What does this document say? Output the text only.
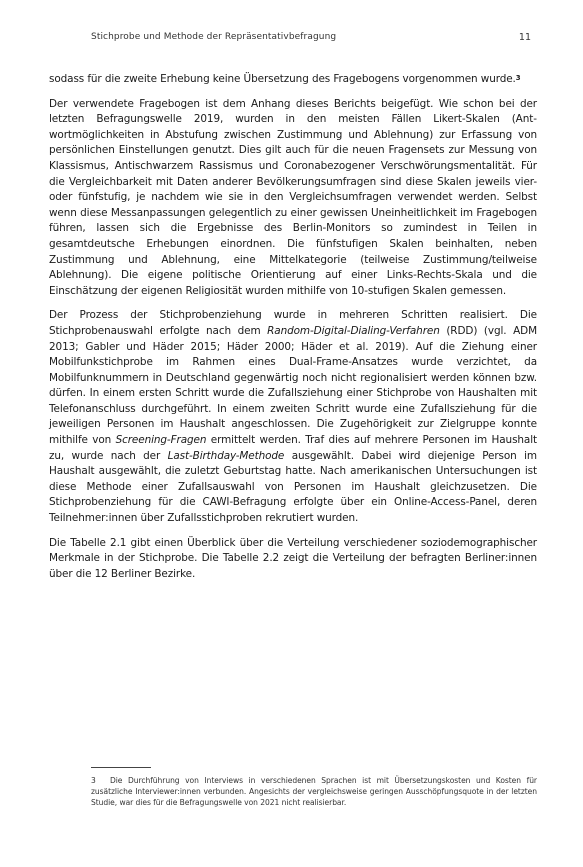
Stichprobe und Methode der Repräsentativbefragung	11

sodass für die zweite Erhebung keine Übersetzung des Fragebogens vorgenommen wurde.$^3$

Der verwendete Fragebogen ist dem Anhang dieses Berichts beigefügt. Wie schon bei der letzten Befragungswelle 2019, wurden in den meisten Fällen Likert-Skalen (Antwortmöglichkeiten in Abstufung zwischen Zustimmung und Ablehnung) zur Erfassung von persönlichen Einstellungen genutzt. Dies gilt auch für die neuen Fragensets zur Messung von Klassismus, Antischwarzem Rassismus und Coronabezogener Verschwörungsmentalität. Für die Vergleichbarkeit mit Daten anderer Bevölkerungsumfragen sind diese Skalen jeweils vier- oder fünfstufig, je nachdem wie sie in den Vergleichsumfragen verwendet werden. Selbst wenn diese Messanpassungen gelegentlich zu einer gewissen Uneinheitlichkeit im Fragebogen führen, lassen sich die Ergebnisse des Berlin-Monitors so zumindest in Teilen in gesamtdeutsche Erhebungen einordnen. Die fünfstufigen Skalen beinhalten, neben Zustimmung und Ablehnung, eine Mittelkategorie (teilweise Zustimmung/teilweise Ablehnung). Die eigene politische Orientierung auf einer Links-Rechts-Skala und die Einschätzung der eigenen Religiosität wurden mithilfe von 10-stufigen Skalen gemessen.

Der Prozess der Stichprobenziehung wurde in mehreren Schritten realisiert. Die Stichprobenauswahl erfolgte nach dem Random-Digital-Dialing-Verfahren (RDD) (vgl. ADM 2013; Gabler und Häder 2015; Häder 2000; Häder et al. 2019). Auf die Ziehung einer Mobilfunkstichprobe im Rahmen eines Dual-Frame-Ansatzes wurde verzichtet, da Mobilfunknummern in Deutschland gegenwärtig noch nicht regionalisiert werden können bzw. dürfen. In einem ersten Schritt wurde die Zufallsziehung einer Stichprobe von Haushalten mit Telefonanschluss durchgeführt. In einem zweiten Schritt wurde eine Zufallsziehung für die jeweiligen Personen im Haushalt angeschlossen. Die Zugehörigkeit zur Zielgruppe konnte mithilfe von Screening-Fragen ermittelt werden. Traf dies auf mehrere Personen im Haushalt zu, wurde nach der Last-Birthday-Methode ausgewählt. Dabei wird diejenige Person im Haushalt ausgewählt, die zuletzt Geburtstag hatte. Nach amerikanischen Untersuchungen ist diese Methode einer Zufallsauswahl von Personen im Haushalt gleichzusetzen. Die Stichprobenziehung für die CAWI-Befragung erfolgte über ein Online-Access-Panel, deren Teilnehmer:innen über Zufallsstichproben rekrutiert wurden.

Die Tabelle 2.1 gibt einen Überblick über die Verteilung verschiedener soziodemographischer Merkmale in der Stichprobe. Die Tabelle 2.2 zeigt die Verteilung der befragten Berliner:innen über die 12 Berliner Bezirke.

3 Die Durchführung von Interviews in verschiedenen Sprachen ist mit Übersetzungskosten und Kosten für zusätzliche Interviewer:innen verbunden. Angesichts der vergleichsweise geringen Ausschöpfungsquote in der letzten Studie, war dies für die Befragungswelle von 2021 nicht realisierbar.
